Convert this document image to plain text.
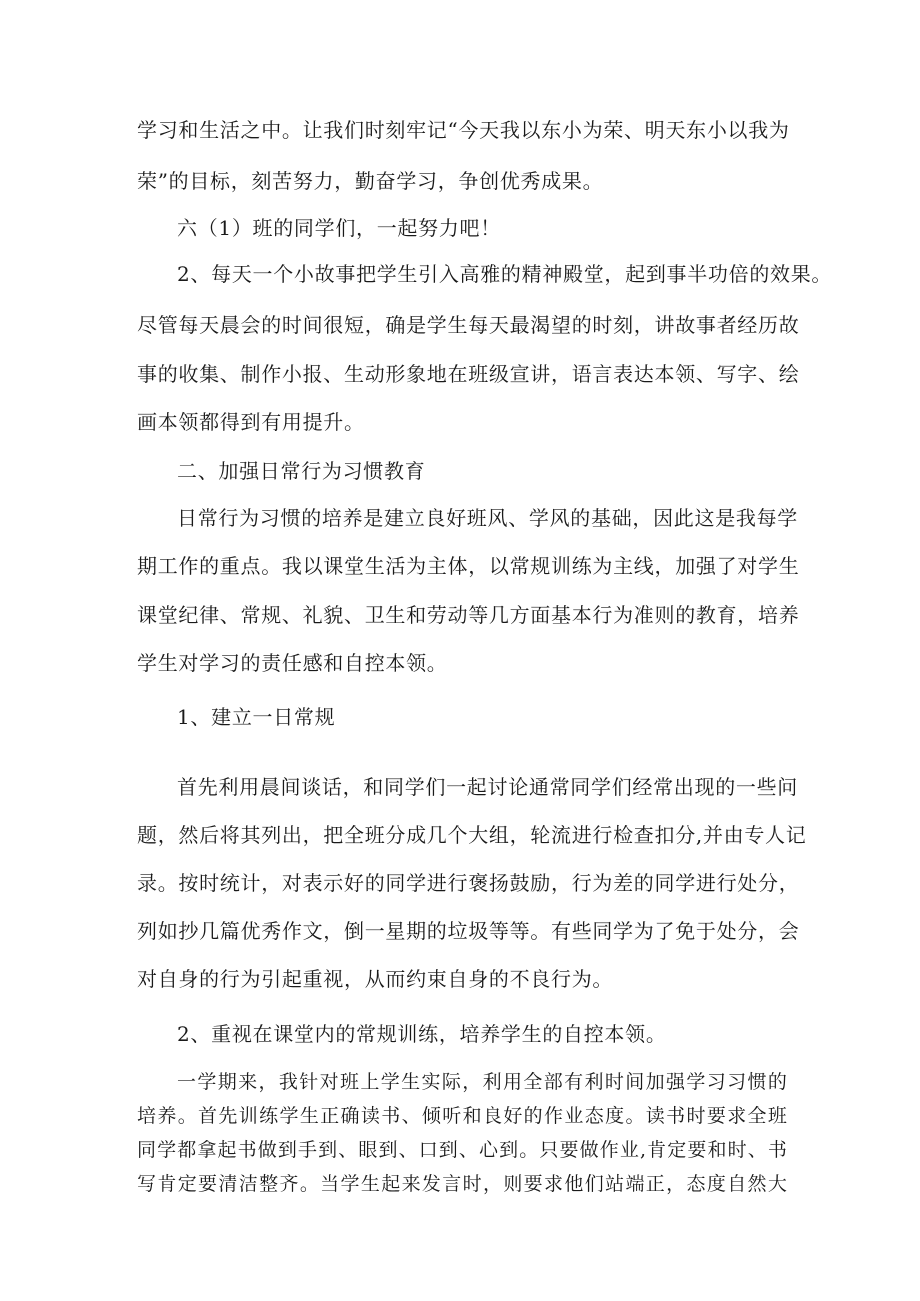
学习和生活之中。让我们时刻牢记“今天我以东小为荣、明天东小以我为
荣”的目标，刻苦努力，勤奋学习，争创优秀成果。
六（1）班的同学们，一起努力吧！
2、每天一个小故事把学生引入高雅的精神殿堂，起到事半功倍的效果。
尽管每天晨会的时间很短，确是学生每天最渴望的时刻，讲故事者经历故
事的收集、制作小报、生动形象地在班级宣讲，语言表达本领、写字、绘
画本领都得到有用提升。
二、加强日常行为习惯教育
日常行为习惯的培养是建立良好班风、学风的基础，因此这是我每学
期工作的重点。我以课堂生活为主体，以常规训练为主线，加强了对学生
课堂纪律、常规、礼貌、卫生和劳动等几方面基本行为准则的教育，培养
学生对学习的责任感和自控本领。
1、建立一日常规
首先利用晨间谈话，和同学们一起讨论通常同学们经常出现的一些问
题，然后将其列出，把全班分成几个大组，轮流进行检查扣分,并由专人记
录。按时统计，对表示好的同学进行褒扬鼓励，行为差的同学进行处分，
列如抄几篇优秀作文，倒一星期的垃圾等等。有些同学为了免于处分，会
对自身的行为引起重视，从而约束自身的不良行为。
2、重视在课堂内的常规训练，培养学生的自控本领。
一学期来，我针对班上学生实际，利用全部有利时间加强学习习惯的
培养。首先训练学生正确读书、倾听和良好的作业态度。读书时要求全班
同学都拿起书做到手到、眼到、口到、心到。只要做作业,肯定要和时、书
写肯定要清洁整齐。当学生起来发言时，则要求他们站端正，态度自然大
